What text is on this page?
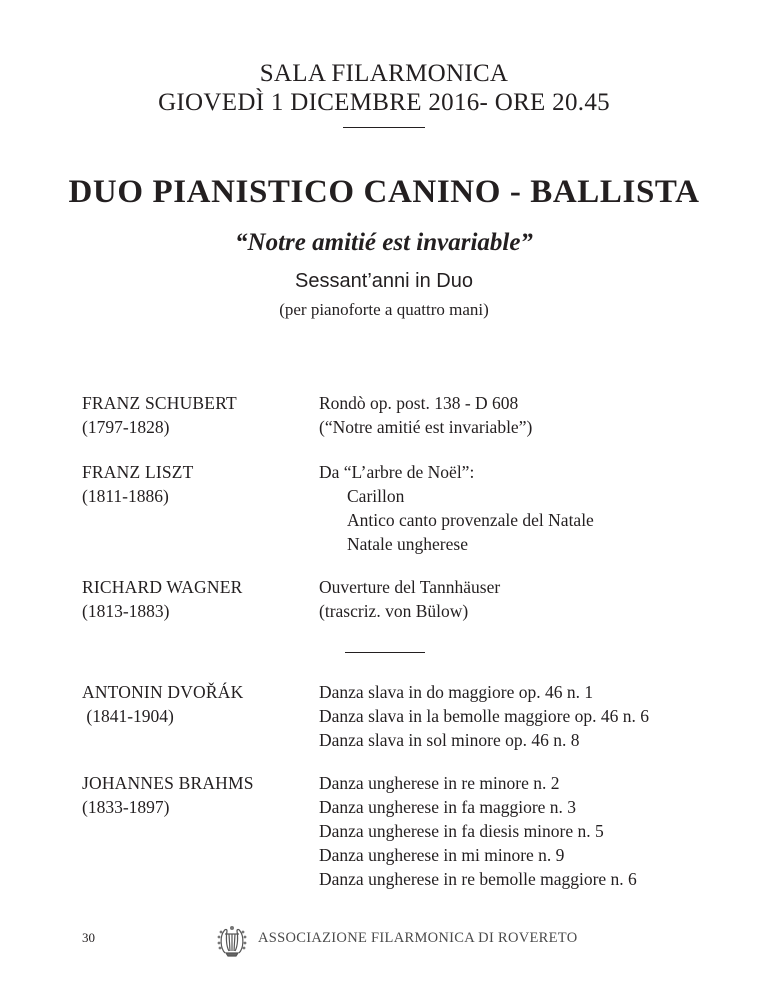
SALA FILARMONICA
GIOVEDÌ 1 DICEMBRE 2016- ORE 20.45
DUO PIANISTICO CANINO - BALLISTA
“Notre amitié est invariable”
Sessant’anni in Duo
(per pianoforte a quattro mani)
FRANZ SCHUBERT
(1797-1828)
Rondò op. post. 138 - D 608
(“Notre amitié est invariable”)
FRANZ LISZT
(1811-1886)
Da “L’arbre de Noël”:
Carillon
Antico canto provenzale del Natale
Natale ungherese
RICHARD WAGNER
(1813-1883)
Ouverture del Tannhäuser
(trascriz. von Bülow)
ANTONIN DVOŘÁK
(1841-1904)
Danza slava in do maggiore op. 46 n. 1
Danza slava in la bemolle maggiore op. 46 n. 6
Danza slava in sol minore op. 46 n. 8
JOHANNES BRAHMS
(1833-1897)
Danza ungherese in re minore n. 2
Danza ungherese in fa maggiore n. 3
Danza ungherese in fa diesis minore n. 5
Danza ungherese in mi minore n. 9
Danza ungherese in re bemolle maggiore n. 6
30	ASSOCIAZIONE FILARMONICA DI ROVERETO
